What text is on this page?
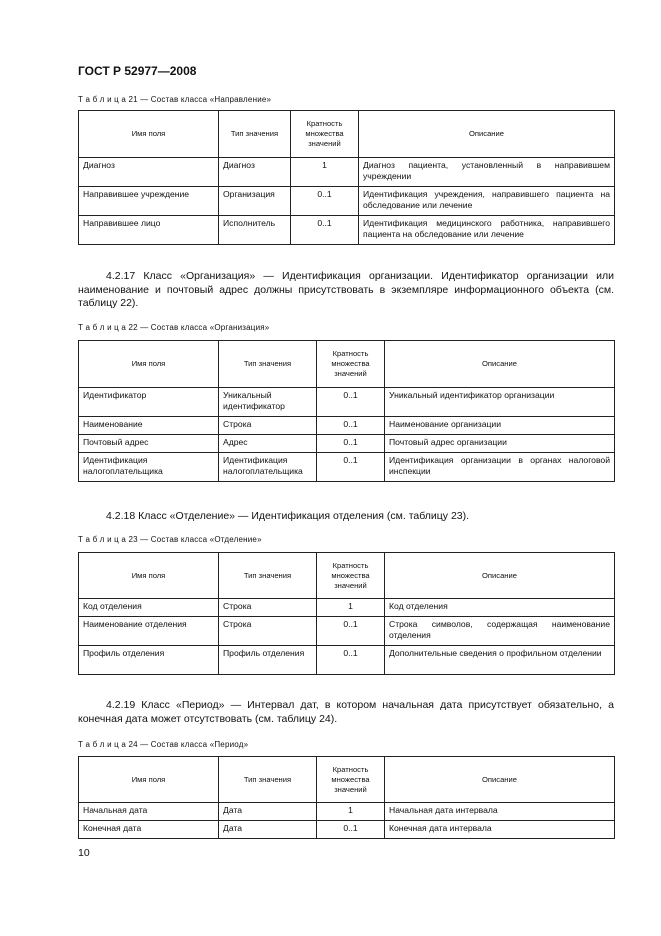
ГОСТ Р 52977—2008
Т а б л и ц а 21 — Состав класса «Направление»
Имя поля	Тип значения	Кратность множества значений	Описание
Диагноз	Диагноз	1	Диагноз пациента, установленный в направившем учреждении
Направившее учреждение	Организация	0..1	Идентификация учреждения, направившего пациента на обследование или лечение
Направившее лицо	Исполнитель	0..1	Идентификация медицинского работника, направившего пациента на обследование или лечение
4.2.17 Класс «Организация» — Идентификация организации. Идентификатор организации или наименование и почтовый адрес должны присутствовать в экземпляре информационного объекта (см. таблицу 22).
Т а б л и ц а 22 — Состав класса «Организация»
Имя поля	Тип значения	Кратность множества значений	Описание
Идентификатор	Уникальный идентификатор	0..1	Уникальный идентификатор организации
Наименование	Строка	0..1	Наименование организации
Почтовый адрес	Адрес	0..1	Почтовый адрес организации
Идентификация налогоплательщика	Идентификация налогоплательщика	0..1	Идентификация организации в органах налоговой инспекции
4.2.18 Класс «Отделение» — Идентификация отделения (см. таблицу 23).
Т а б л и ц а 23 — Состав класса «Отделение»
Имя поля	Тип значения	Кратность множества значений	Описание
Код отделения	Строка	1	Код отделения
Наименование отделения	Строка	0..1	Строка символов, содержащая наименование отделения
Профиль отделения	Профиль отделения	0..1	Дополнительные сведения о профильном отделении
4.2.19 Класс «Период» — Интервал дат, в котором начальная дата присутствует обязательно, а конечная дата может отсутствовать (см. таблицу 24).
Т а б л и ц а 24 — Состав класса «Период»
Имя поля	Тип значения	Кратность множества значений	Описание
Начальная дата	Дата	1	Начальная дата интервала
Конечная дата	Дата	0..1	Конечная дата интервала
10
